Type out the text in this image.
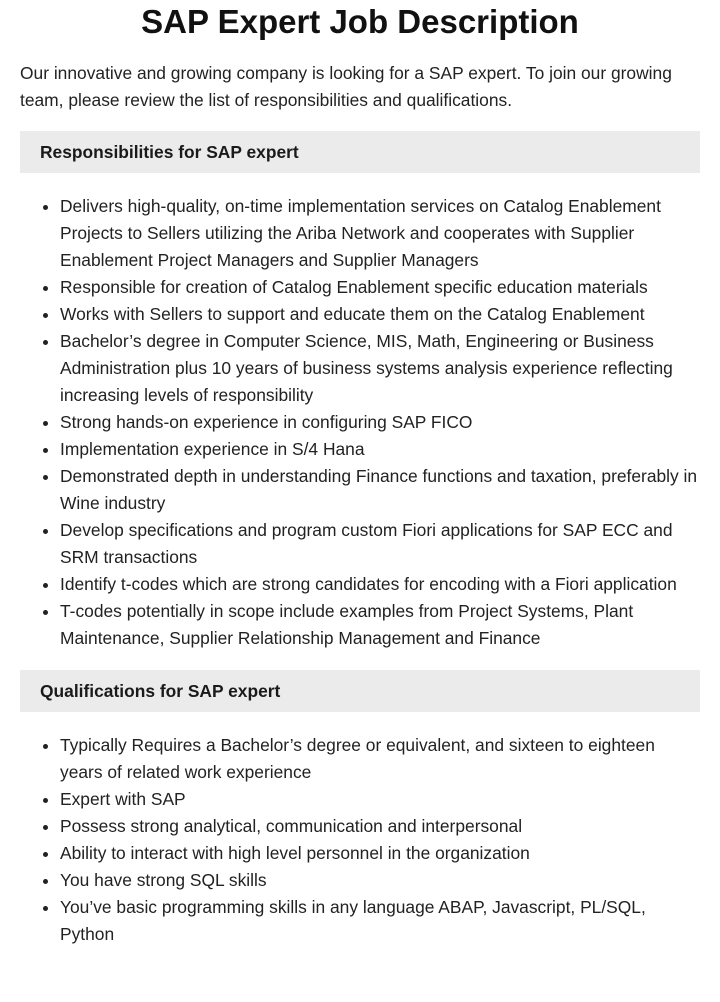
SAP Expert Job Description

Our innovative and growing company is looking for a SAP expert. To join our growing team, please review the list of responsibilities and qualifications.

Responsibilities for SAP expert
• Delivers high-quality, on-time implementation services on Catalog Enablement Projects to Sellers utilizing the Ariba Network and cooperates with Supplier Enablement Project Managers and Supplier Managers
• Responsible for creation of Catalog Enablement specific education materials
• Works with Sellers to support and educate them on the Catalog Enablement
• Bachelor’s degree in Computer Science, MIS, Math, Engineering or Business Administration plus 10 years of business systems analysis experience reflecting increasing levels of responsibility
• Strong hands-on experience in configuring SAP FICO
• Implementation experience in S/4 Hana
• Demonstrated depth in understanding Finance functions and taxation, preferably in Wine industry
• Develop specifications and program custom Fiori applications for SAP ECC and SRM transactions
• Identify t-codes which are strong candidates for encoding with a Fiori application
• T-codes potentially in scope include examples from Project Systems, Plant Maintenance, Supplier Relationship Management and Finance
Qualifications for SAP expert
• Typically Requires a Bachelor’s degree or equivalent, and sixteen to eighteen years of related work experience
• Expert with SAP
• Possess strong analytical, communication and interpersonal
• Ability to interact with high level personnel in the organization
• You have strong SQL skills
• You’ve basic programming skills in any language ABAP, Javascript, PL/SQL, Python
